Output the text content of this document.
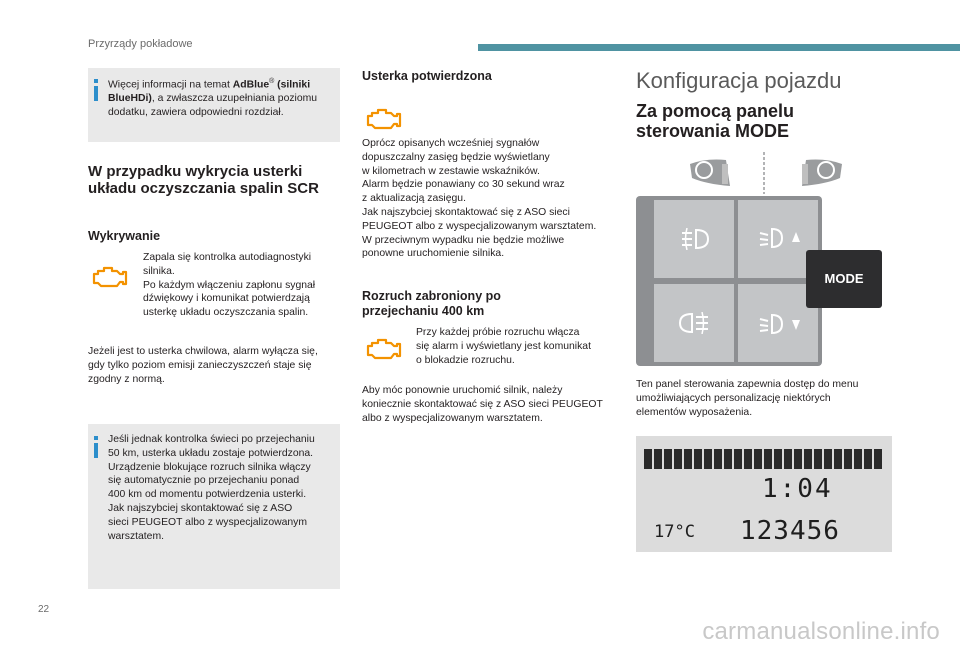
Przyrządy pokładowe
Więcej informacji na temat AdBlue® (silniki
BlueHDi), a zwłaszcza uzupełniania poziomu
dodatku, zawiera odpowiedni rozdział.
W przypadku wykrycia usterki
układu oczyszczania spalin SCR
Wykrywanie
Zapala się kontrolka autodiagnostyki
silnika.
Po każdym włączeniu zapłonu sygnał
dźwiękowy i komunikat potwierdzają
usterkę układu oczyszczania spalin.
Jeżeli jest to usterka chwilowa, alarm wyłącza się,
gdy tylko poziom emisji zanieczyszczeń staje się
zgodny z normą.
Jeśli jednak kontrolka świeci po przejechaniu
50 km, usterka układu zostaje potwierdzona.
Urządzenie blokujące rozruch silnika włączy
się automatycznie po przejechaniu ponad
400 km od momentu potwierdzenia usterki.
Jak najszybciej skontaktować się z ASO
sieci PEUGEOT albo z wyspecjalizowanym
warsztatem.
Usterka potwierdzona
Oprócz opisanych wcześniej sygnałów
dopuszczalny zasięg będzie wyświetlany
w kilometrach w zestawie wskaźników.
Alarm będzie ponawiany co 30 sekund wraz
z aktualizacją zasięgu.
Jak najszybciej skontaktować się z ASO sieci
PEUGEOT albo z wyspecjalizowanym warsztatem.
W przeciwnym wypadku nie będzie możliwe
ponowne uruchomienie silnika.
Rozruch zabroniony po
przejechaniu 400 km
Przy każdej próbie rozruchu włącza
się alarm i wyświetlany jest komunikat
o blokadzie rozruchu.
Aby móc ponownie uruchomić silnik, należy
koniecznie skontaktować się z ASO sieci PEUGEOT
albo z wyspecjalizowanym warsztatem.
Konfiguracja pojazdu
Za pomocą panelu
sterowania MODE
MODE
Ten panel sterowania zapewnia dostęp do menu
umożliwiających personalizację niektórych
elementów wyposażenia.
1:04
17°C 123456
22
carmanualsonline.info
